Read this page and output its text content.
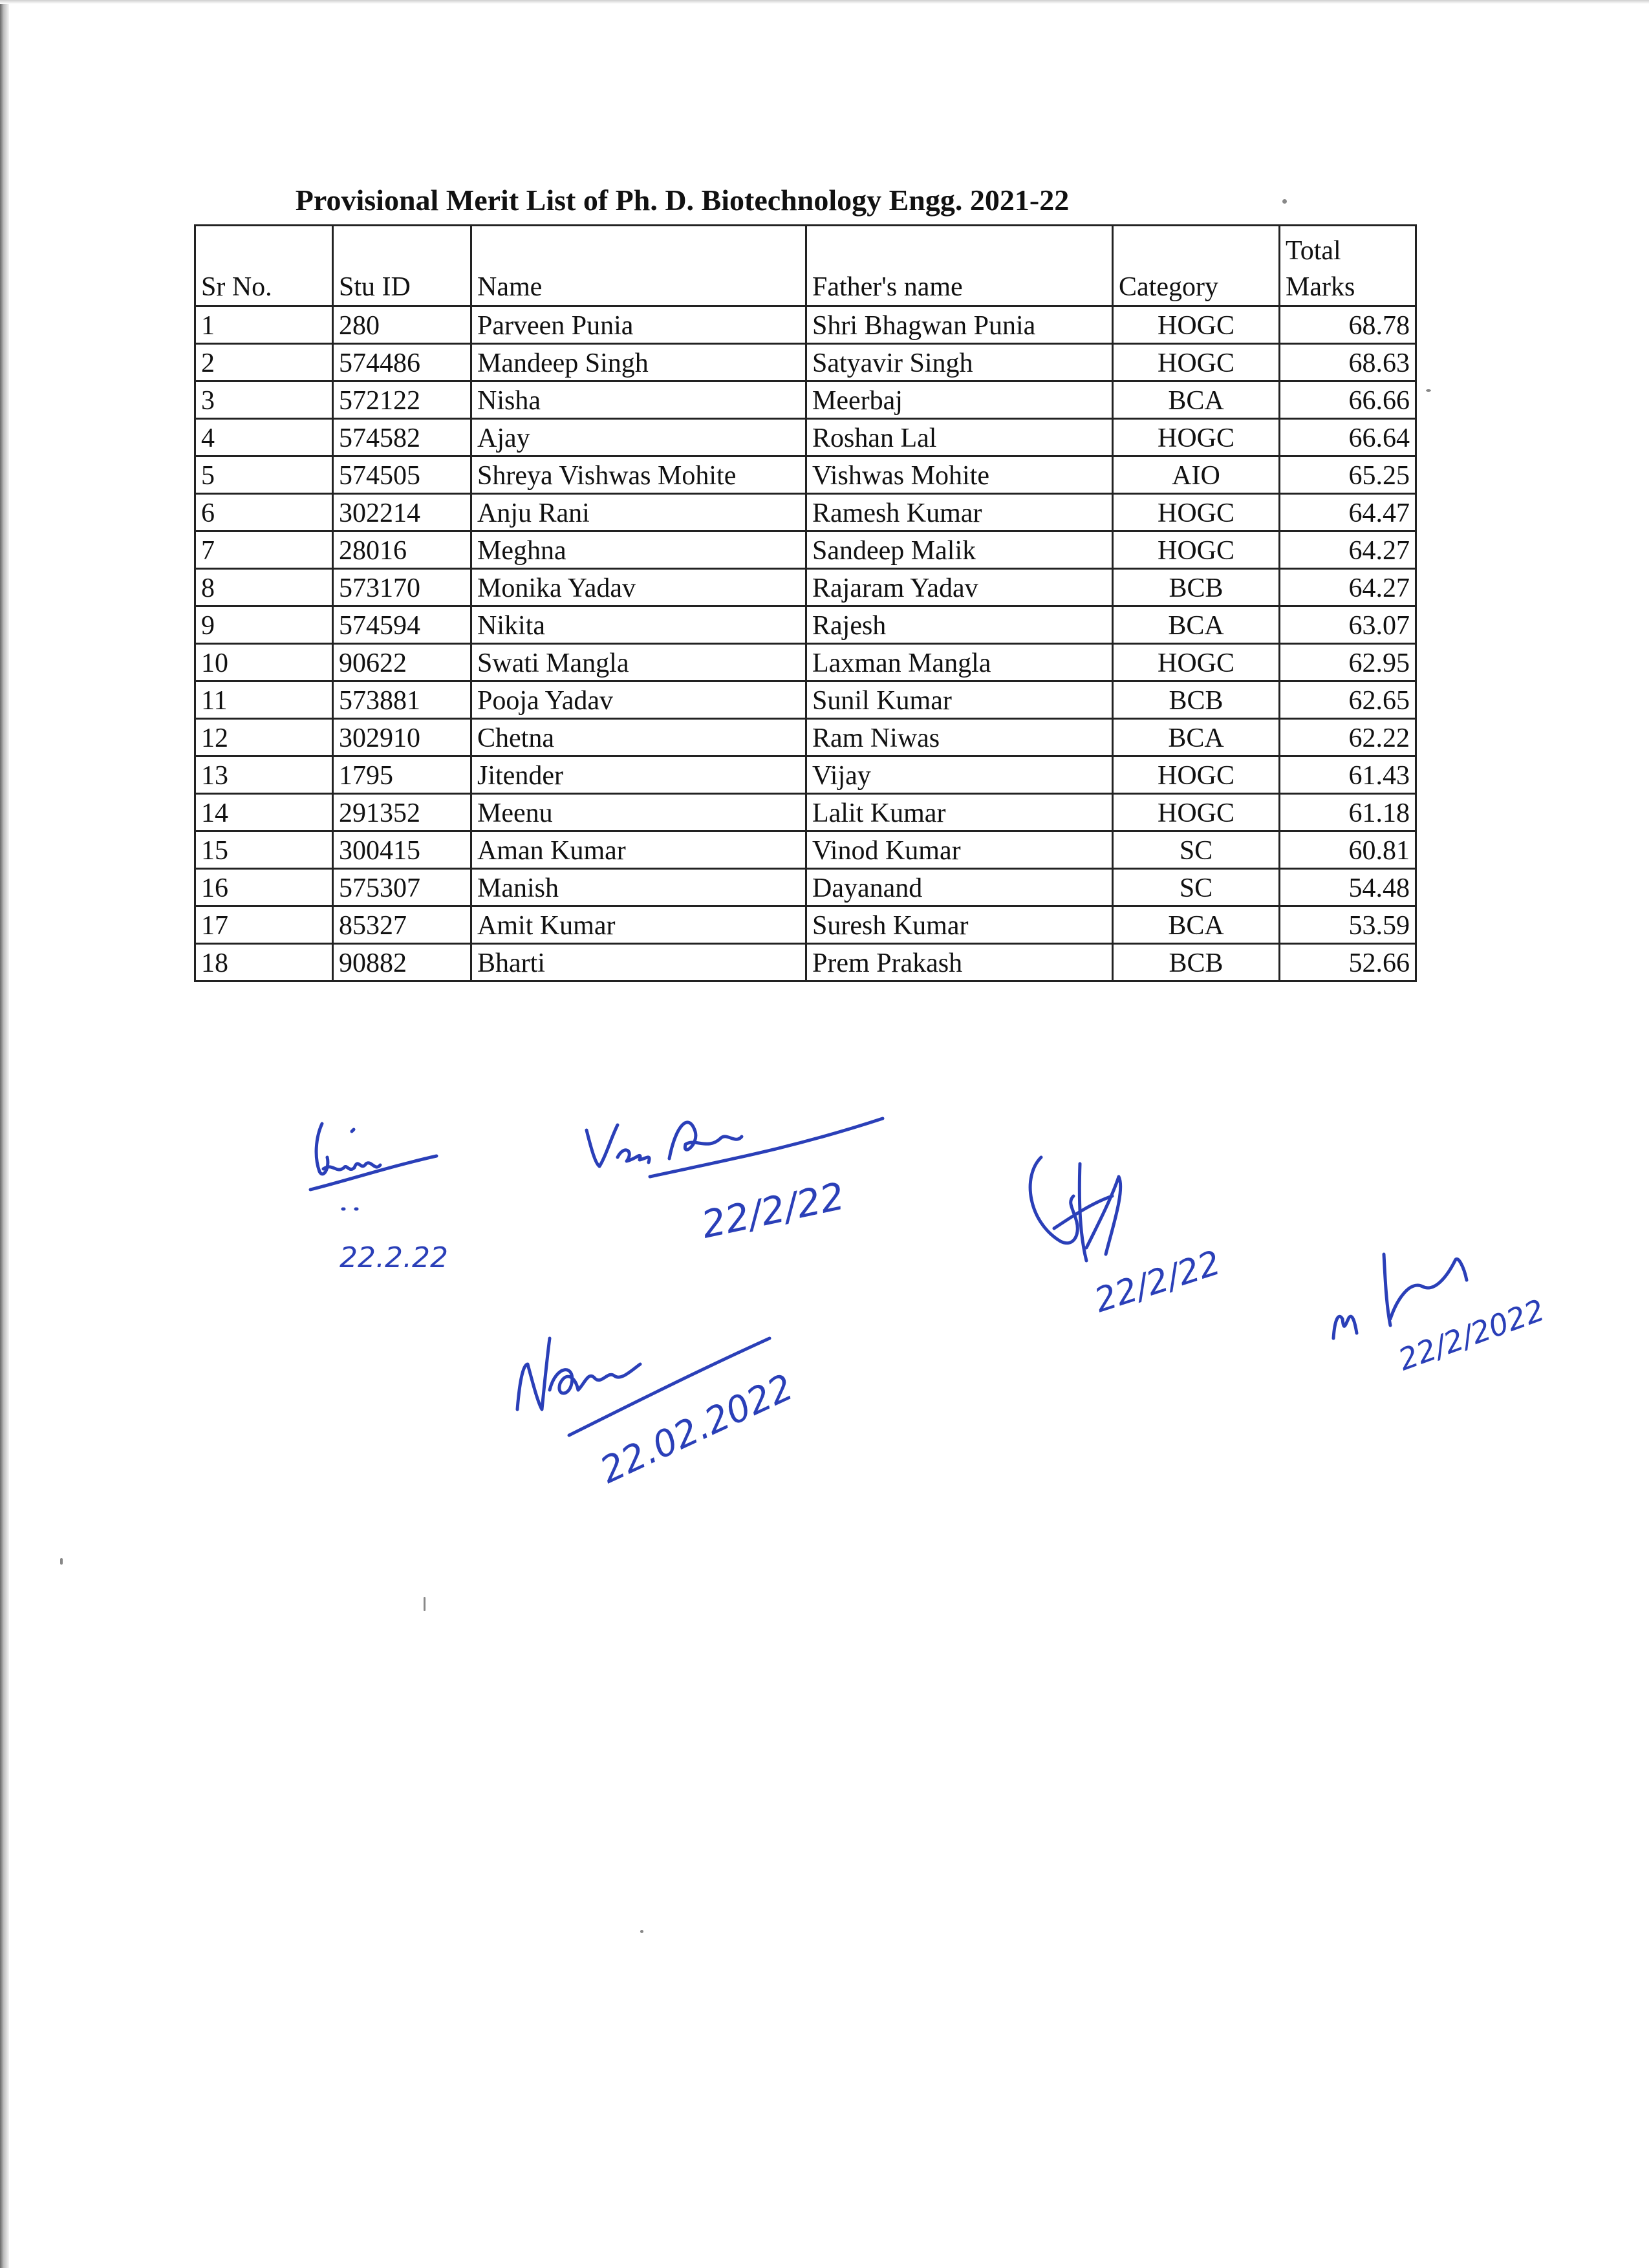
Provisional Merit List of Ph. D. Biotechnology Engg. 2021-22
Sr No.	Stu ID	Name	Father's name	Category	Total
Marks
1	280	Parveen Punia	Shri Bhagwan Punia	HOGC	68.78
2	574486	Mandeep Singh	Satyavir Singh	HOGC	68.63
3	572122	Nisha	Meerbaj	BCA	66.66
4	574582	Ajay	Roshan Lal	HOGC	66.64
5	574505	Shreya Vishwas Mohite	Vishwas Mohite	AIO	65.25
6	302214	Anju Rani	Ramesh Kumar	HOGC	64.47
7	28016	Meghna	Sandeep Malik	HOGC	64.27
8	573170	Monika Yadav	Rajaram Yadav	BCB	64.27
9	574594	Nikita	Rajesh	BCA	63.07
10	90622	Swati Mangla	Laxman Mangla	HOGC	62.95
11	573881	Pooja Yadav	Sunil Kumar	BCB	62.65
12	302910	Chetna	Ram Niwas	BCA	62.22
13	1795	Jitender	Vijay	HOGC	61.43
14	291352	Meenu	Lalit Kumar	HOGC	61.18
15	300415	Aman Kumar	Vinod Kumar	SC	60.81
16	575307	Manish	Dayanand	SC	54.48
17	85327	Amit Kumar	Suresh Kumar	BCA	53.59
18	90882	Bharti	Prem Prakash	BCB	52.66
22.2.22
22/2/22
22/2/22
22/2/2022
22.02.2022
